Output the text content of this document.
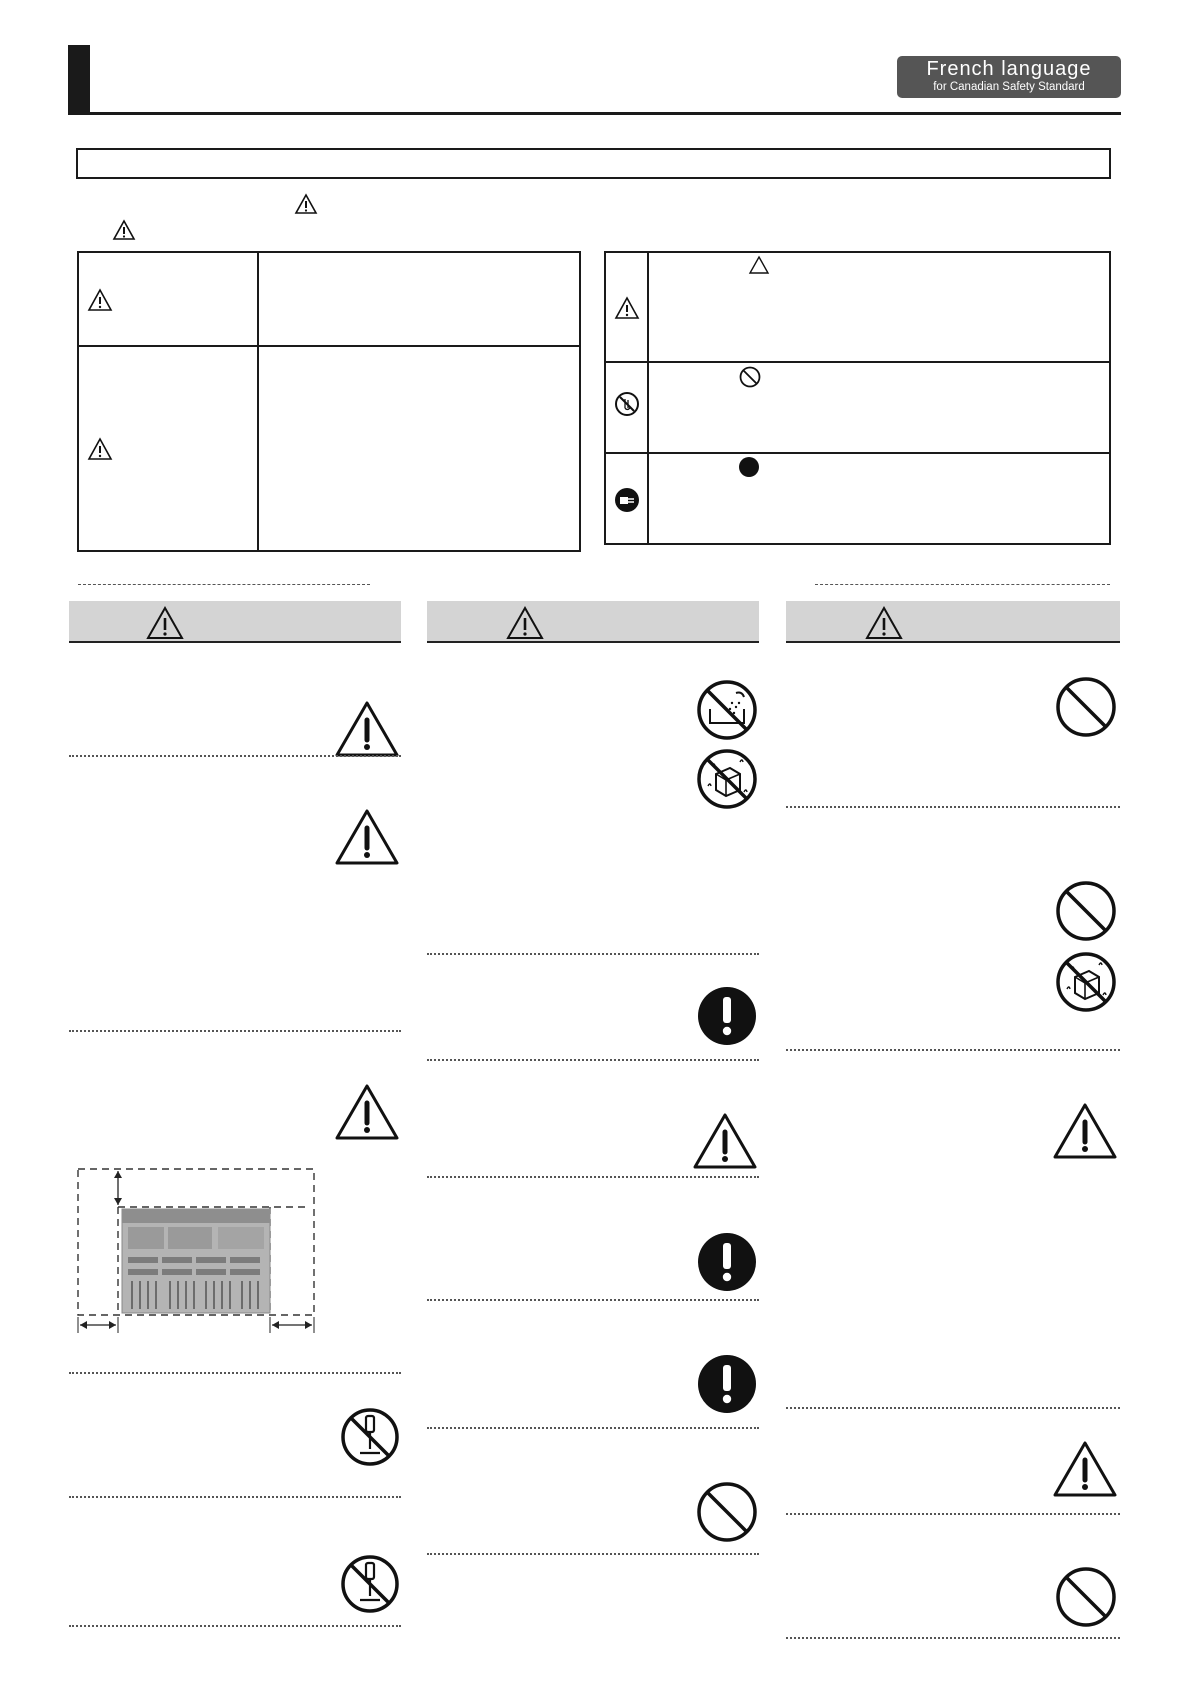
French language
for Canadian Safety Standard
